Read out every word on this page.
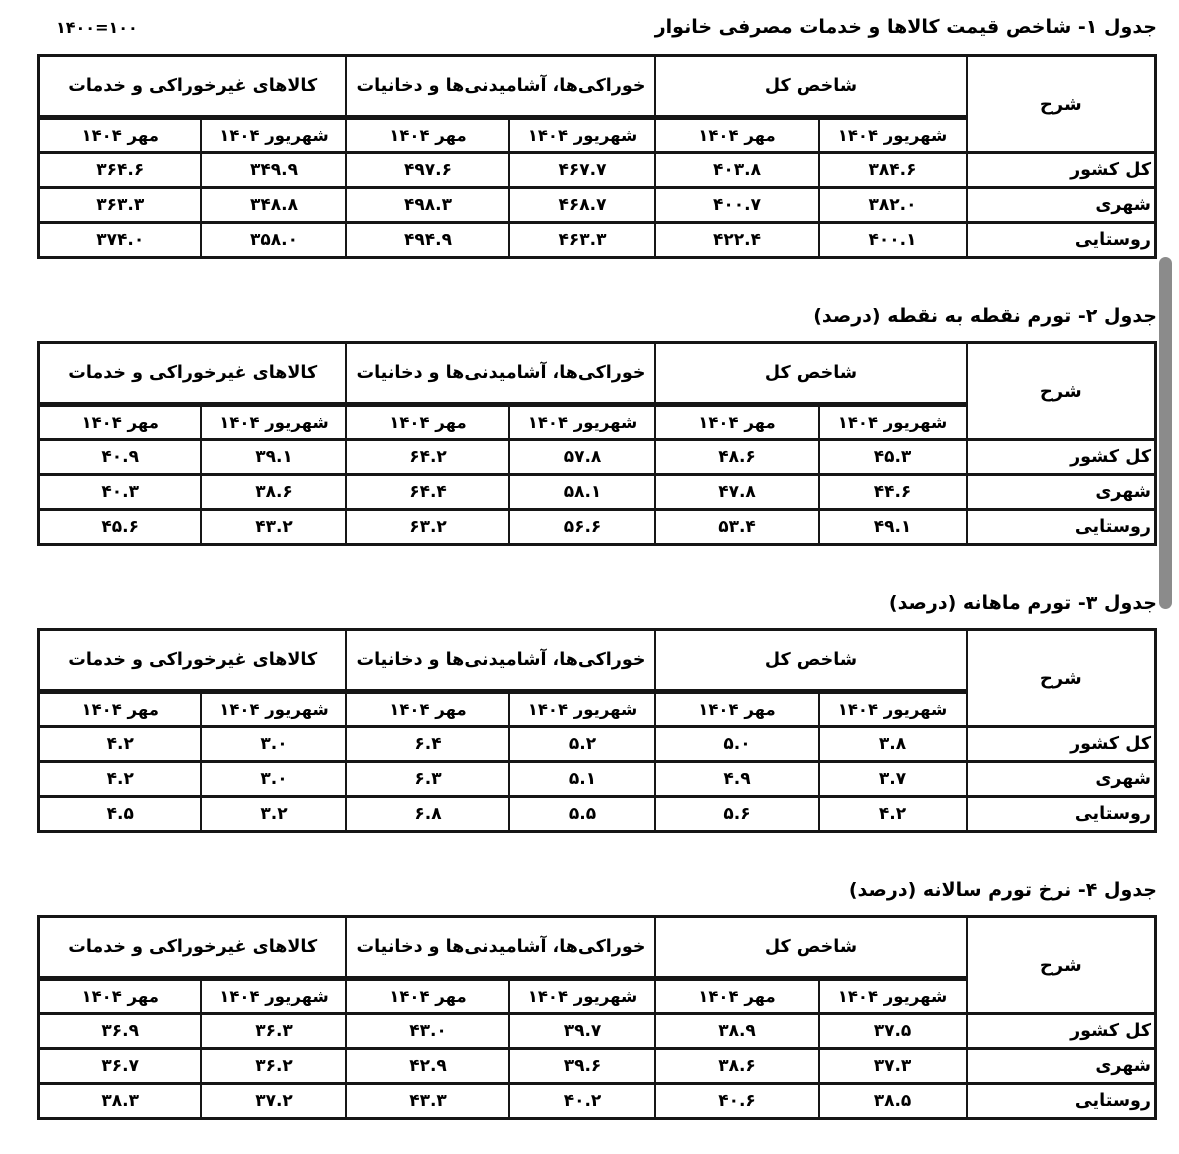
جدول ۱- شاخص قیمت کالاها و خدمات مصرفی خانوار
۱۴۰۰=۱۰۰
شرح	شاخص کل		خوراکی‌ها، آشامیدنی‌ها و دخانیات		کالاهای غیرخوراکی و خدمات	
	شهریور ۱۴۰۴	مهر ۱۴۰۴	شهریور ۱۴۰۴	مهر ۱۴۰۴	شهریور ۱۴۰۴	مهر ۱۴۰۴
کل کشور	۳۸۴.۶	۴۰۳.۸	۴۶۷.۷	۴۹۷.۶	۳۴۹.۹	۳۶۴.۶
شهری	۳۸۲.۰	۴۰۰.۷	۴۶۸.۷	۴۹۸.۳	۳۴۸.۸	۳۶۳.۳
روستایی	۴۰۰.۱	۴۲۲.۴	۴۶۳.۳	۴۹۴.۹	۳۵۸.۰	۳۷۴.۰
جدول ۲- تورم نقطه به نقطه (درصد)
شرح	شاخص کل		خوراکی‌ها، آشامیدنی‌ها و دخانیات		کالاهای غیرخوراکی و خدمات	
	شهریور ۱۴۰۴	مهر ۱۴۰۴	شهریور ۱۴۰۴	مهر ۱۴۰۴	شهریور ۱۴۰۴	مهر ۱۴۰۴
کل کشور	۴۵.۳	۴۸.۶	۵۷.۸	۶۴.۲	۳۹.۱	۴۰.۹
شهری	۴۴.۶	۴۷.۸	۵۸.۱	۶۴.۴	۳۸.۶	۴۰.۳
روستایی	۴۹.۱	۵۳.۴	۵۶.۶	۶۳.۲	۴۳.۲	۴۵.۶
جدول ۳- تورم ماهانه (درصد)
شرح	شاخص کل		خوراکی‌ها، آشامیدنی‌ها و دخانیات		کالاهای غیرخوراکی و خدمات	
	شهریور ۱۴۰۴	مهر ۱۴۰۴	شهریور ۱۴۰۴	مهر ۱۴۰۴	شهریور ۱۴۰۴	مهر ۱۴۰۴
کل کشور	۳.۸	۵.۰	۵.۲	۶.۴	۳.۰	۴.۲
شهری	۳.۷	۴.۹	۵.۱	۶.۳	۳.۰	۴.۲
روستایی	۴.۲	۵.۶	۵.۵	۶.۸	۳.۲	۴.۵
جدول ۴- نرخ تورم سالانه (درصد)
شرح	شاخص کل		خوراکی‌ها، آشامیدنی‌ها و دخانیات		کالاهای غیرخوراکی و خدمات	
	شهریور ۱۴۰۴	مهر ۱۴۰۴	شهریور ۱۴۰۴	مهر ۱۴۰۴	شهریور ۱۴۰۴	مهر ۱۴۰۴
کل کشور	۳۷.۵	۳۸.۹	۳۹.۷	۴۳.۰	۳۶.۳	۳۶.۹
شهری	۳۷.۳	۳۸.۶	۳۹.۶	۴۲.۹	۳۶.۲	۳۶.۷
روستایی	۳۸.۵	۴۰.۶	۴۰.۲	۴۳.۳	۳۷.۲	۳۸.۳
